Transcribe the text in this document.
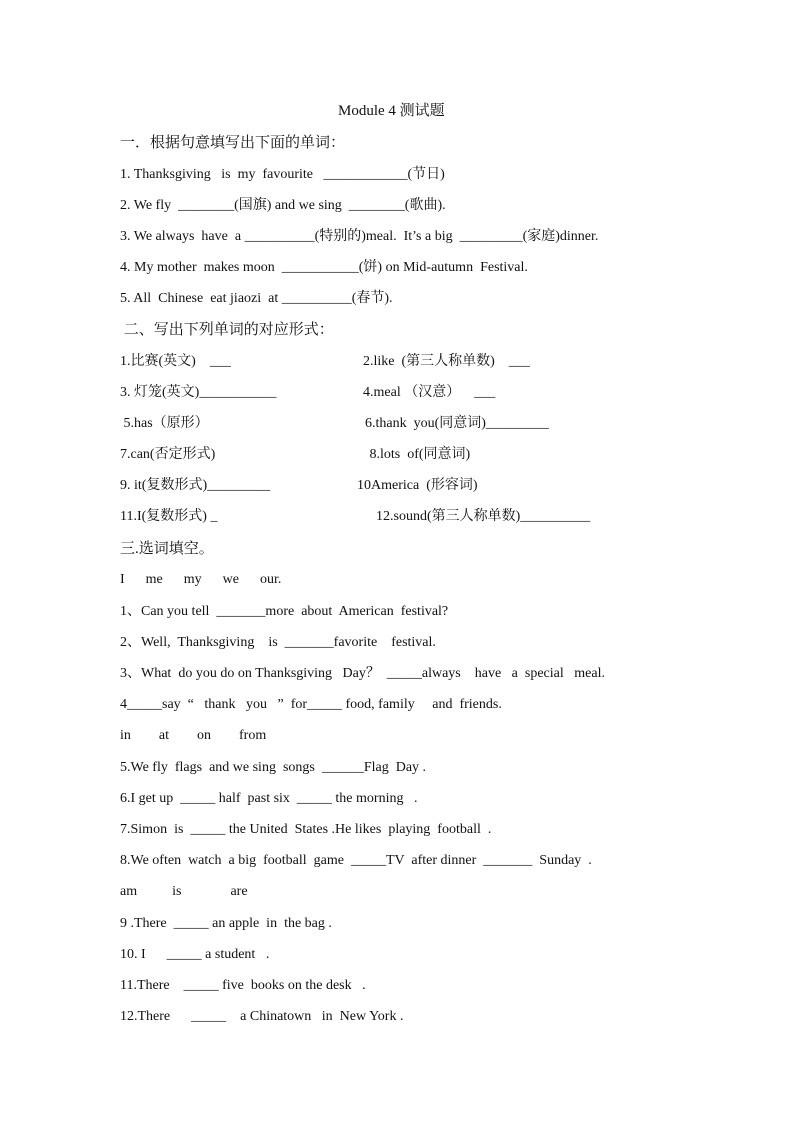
Module 4 测试题
一．根据句意填写出下面的单词：
1. Thanksgiving   is  my  favourite   ____________(节日)
2. We fly  ________(国旗) and we sing  ________(歌曲).
3. We always  have  a __________(特别的)meal.  It’s a big  _________(家庭)dinner.
4. My mother  makes moon  ___________(饼) on Mid-autumn  Festival.
5. All  Chinese  eat jiaozi  at __________(春节).
二、写出下列单词的对应形式：
1.比赛(英文)    ___	2.like  (第三人称单数)    ___
3. 灯笼(英文)___________	4.meal （汉意）    ___
5.has（原形）	6.thank  you(同意词)_________
7.can(否定形式)	8.lots  of(同意词)
9. it(复数形式)_________	10America  (形容词)
11.I(复数形式) _	12.sound(第三人称单数)__________
三.选词填空。
I      me      my      we      our.
1、Can you tell  _______more  about  American  festival?
2、Well,  Thanksgiving    is  _______favorite    festival.
3、What  do you do on Thanksgiving   Day？  _____always    have   a  special   meal.
4_____say  “   thank   you   ”  for_____ food, family     and  friends.
in        at        on        from
5.We fly  flags  and we sing  songs  ______Flag  Day .
6.I get up  _____ half  past six  _____ the morning   .
7.Simon  is  _____ the United  States .He likes  playing  football  .
8.We often  watch  a big  football  game  _____TV  after dinner  _______  Sunday  .
am          is              are
9 .There  _____ an apple  in  the bag .
10. I      _____ a student   .
11.There    _____ five  books on the desk   .
12.There      _____    a Chinatown   in  New York .
